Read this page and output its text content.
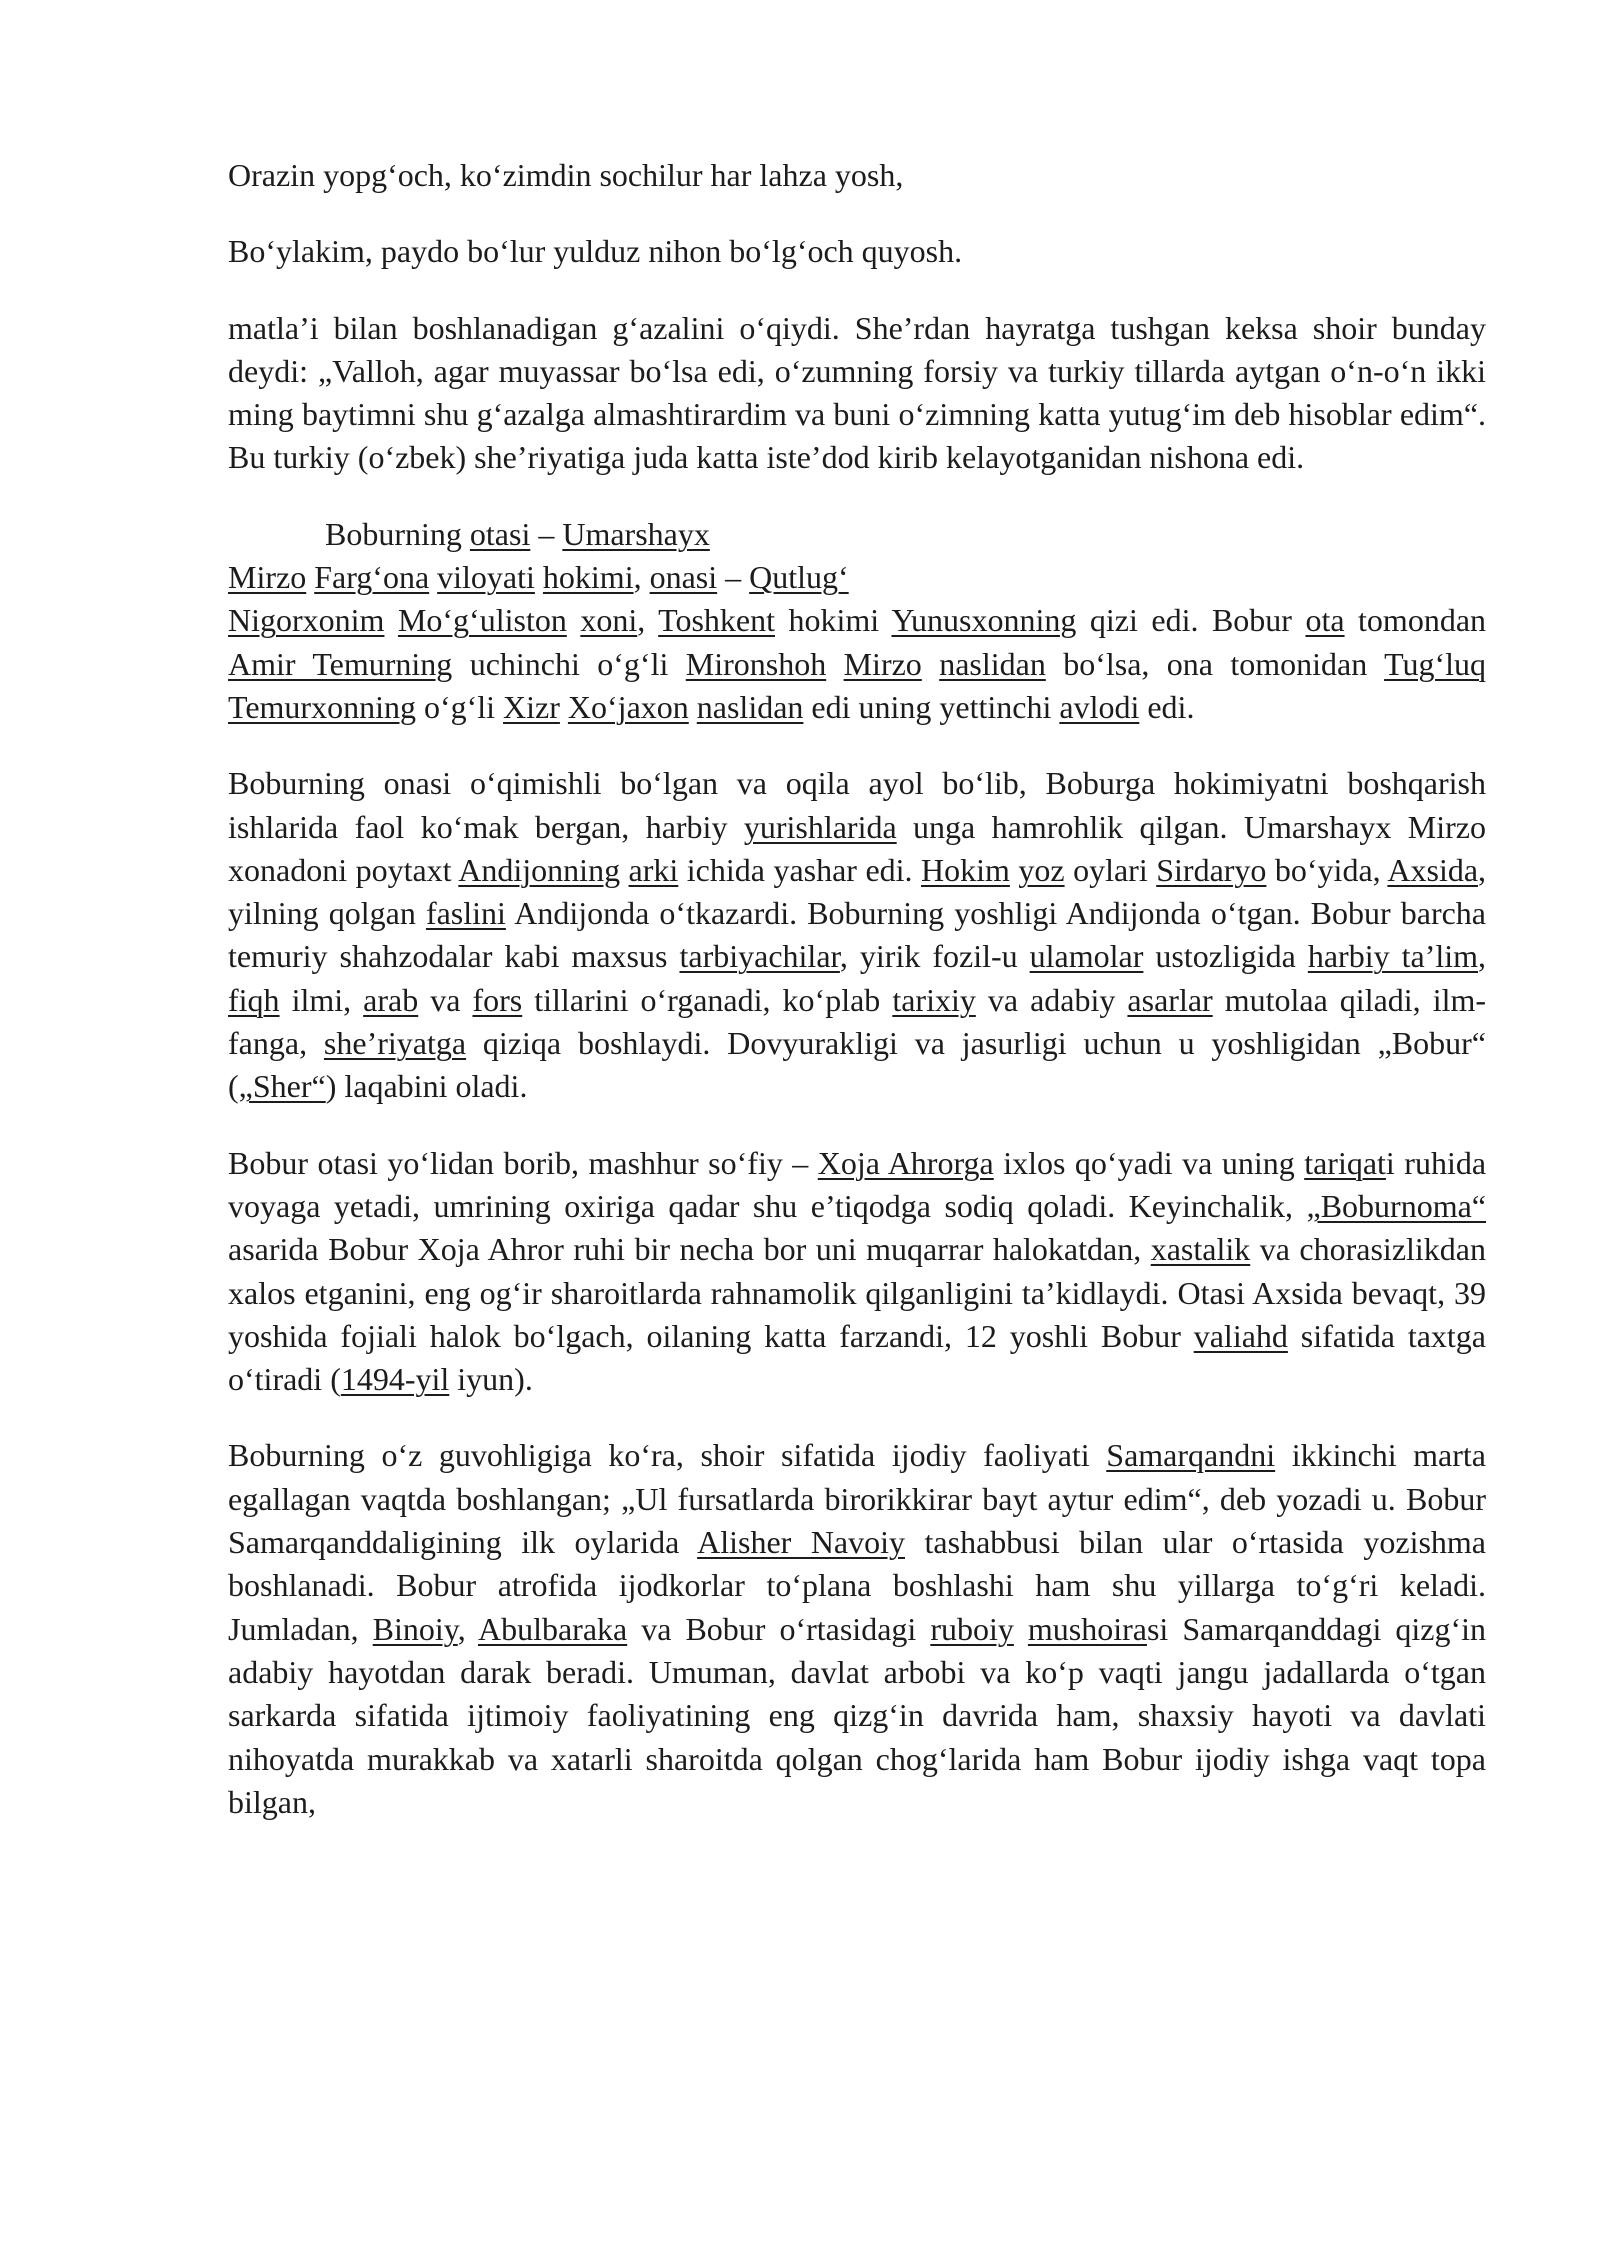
Orazin yopg‘och, ko‘zimdin sochilur har lahza yosh,

Bo‘ylakim, paydo bo‘lur yulduz nihon bo‘lg‘och quyosh.

matla’i bilan boshlanadigan g‘azalini o‘qiydi. She’rdan hayratga tushgan keksa shoir bunday deydi: „Valloh, agar muyassar bo‘lsa edi, o‘zumning forsiy va turkiy tillarda aytgan o‘n-o‘n ikki ming baytimni shu g‘azalga almashtirardim va buni o‘zimning katta yutug‘im deb hisoblar edim“. Bu turkiy (o‘zbek) she’riyatiga juda katta iste’dod kirib kelayotganidan nishona edi.

Boburning otasi – Umarshayx
Mirzo Farg‘ona viloyati hokimi, onasi – Qutlug‘
Nigorxonim Mo‘g‘uliston xoni, Toshkent hokimi Yunusxonning qizi edi. Bobur ota tomondan Amir Temurning uchinchi o‘g‘li Mironshoh Mirzo naslidan bo‘lsa, ona tomonidan Tug‘luq Temurxonning o‘g‘li Xizr Xo‘jaxon naslidan edi uning yettinchi avlodi edi.

Boburning onasi o‘qimishli bo‘lgan va oqila ayol bo‘lib, Boburga hokimiyatni boshqarish ishlarida faol ko‘mak bergan, harbiy yurishlarida unga hamrohlik qilgan. Umarshayx Mirzo xonadoni poytaxt Andijonning arki ichida yashar edi. Hokim yoz oylari Sirdaryo bo‘yida, Axsida, yilning qolgan faslini Andijonda o‘tkazardi. Boburning yoshligi Andijonda o‘tgan. Bobur barcha temuriy shahzodalar kabi maxsus tarbiyachilar, yirik fozil-u ulamolar ustozligida harbiy ta’lim, fiqh ilmi, arab va fors tillarini o‘rganadi, ko‘plab tarixiy va adabiy asarlar mutolaa qiladi, ilm-fanga, she’riyatga qiziqa boshlaydi. Dovyurakligi va jasurligi uchun u yoshligidan „Bobur“ („Sher“) laqabini oladi.

Bobur otasi yo‘lidan borib, mashhur so‘fiy – Xoja Ahrorga ixlos qo‘yadi va uning tariqati ruhida voyaga yetadi, umrining oxiriga qadar shu e’tiqodga sodiq qoladi. Keyinchalik, „Boburnoma“ asarida Bobur Xoja Ahror ruhi bir necha bor uni muqarrar halokatdan, xastalik va chorasizlikdan xalos etganini, eng og‘ir sharoitlarda rahnamolik qilganligini ta’kidlaydi. Otasi Axsida bevaqt, 39 yoshida fojiali halok bo‘lgach, oilaning katta farzandi, 12 yoshli Bobur valiahd sifatida taxtga o‘tiradi (1494-yil iyun).

Boburning o‘z guvohligiga ko‘ra, shoir sifatida ijodiy faoliyati Samarqandni ikkinchi marta egallagan vaqtda boshlangan; „Ul fursatlarda birorikkirar bayt aytur edim“, deb yozadi u. Bobur Samarqanddaligining ilk oylarida Alisher Navoiy tashabbusi bilan ular o‘rtasida yozishma boshlanadi. Bobur atrofida ijodkorlar to‘plana boshlashi ham shu yillarga to‘g‘ri keladi. Jumladan, Binoiy, Abulbaraka va Bobur o‘rtasidagi ruboiy mushoirasi Samarqanddagi qizg‘in adabiy hayotdan darak beradi. Umuman, davlat arbobi va ko‘p vaqti jangu jadallarda o‘tgan sarkarda sifatida ijtimoiy faoliyatining eng qizg‘in davrida ham, shaxsiy hayoti va davlati nihoyatda murakkab va xatarli sharoitda qolgan chog‘larida ham Bobur ijodiy ishga vaqt topa bilgan,
